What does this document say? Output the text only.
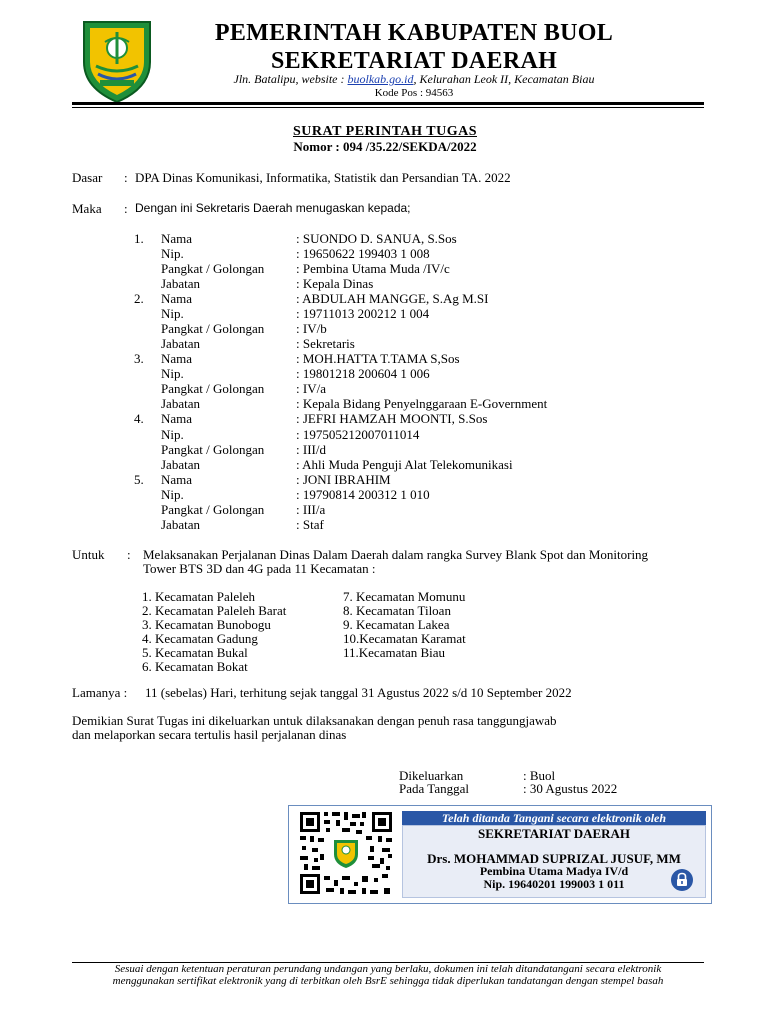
PEMERINTAH KABUPATEN BUOL
SEKRETARIAT DAERAH
Jln. Batalipu, website : buolkab.go.id, Kelurahan Leok II, Kecamatan Biau
Kode Pos : 94563
SURAT PERINTAH TUGAS
Nomor : 094 /35.22/SEKDA/2022
Dasar : DPA Dinas Komunikasi, Informatika, Statistik dan Persandian TA. 2022
Maka : Dengan ini Sekretaris Daerah menugaskan kepada;
1. Nama	: SUONDO D. SANUA, S.Sos
Nip.	: 19650622 199403 1 008
Pangkat / Golongan : Pembina Utama Muda /IV/c
Jabatan	: Kepala Dinas
2. Nama	: ABDULAH MANGGE, S.Ag M.SI
Nip.	: 19711013 200212 1 004
Pangkat / Golongan : IV/b
Jabatan	: Sekretaris
3. Nama	: MOH.HATTA T.TAMA S,Sos
Nip.	: 19801218 200604 1 006
Pangkat / Golongan : IV/a
Jabatan	: Kepala Bidang Penyelnggaraan E-Government
4. Nama	: JEFRI HAMZAH MOONTI, S.Sos
Nip.	: 197505212007011014
Pangkat / Golongan : III/d
Jabatan	: Ahli Muda Penguji Alat Telekomunikasi
5. Nama	: JONI IBRAHIM
Nip.	: 19790814 200312 1 010
Pangkat / Golongan : III/a
Jabatan	: Staf
Untuk : Melaksanakan Perjalanan Dinas Dalam Daerah dalam rangka Survey Blank Spot dan Monitoring
Tower BTS 3D dan 4G pada 11 Kecamatan :
1. Kecamatan Paleleh
2. Kecamatan Paleleh Barat
3. Kecamatan Bunobogu
4. Kecamatan Gadung
5. Kecamatan Bukal
6. Kecamatan Bokat
7. Kecamatan Momunu
8. Kecamatan Tiloan
9. Kecamatan Lakea
10.Kecamatan Karamat
11.Kecamatan Biau
Lamanya : 11 (sebelas) Hari, terhitung sejak tanggal 31 Agustus 2022 s/d 10 September 2022
Demikian Surat Tugas ini dikeluarkan untuk dilaksanakan dengan penuh rasa tanggungjawab
dan melaporkan secara tertulis hasil perjalanan dinas
Dikeluarkan	: Buol
Pada Tanggal	: 30 Agustus 2022
Telah ditanda Tangani secara elektronik oleh
SEKRETARIAT DAERAH
Drs. MOHAMMAD SUPRIZAL JUSUF, MM
Pembina Utama Madya IV/d
Nip. 19640201 199003 1 011
Sesuai dengan ketentuan peraturan perundang undangan yang berlaku, dokumen ini telah ditandatangani secara elektronik
menggunakan sertifikat elektronik yang di terbitkan oleh BsrE sehingga tidak diperlukan tandatangan dengan stempel basah
